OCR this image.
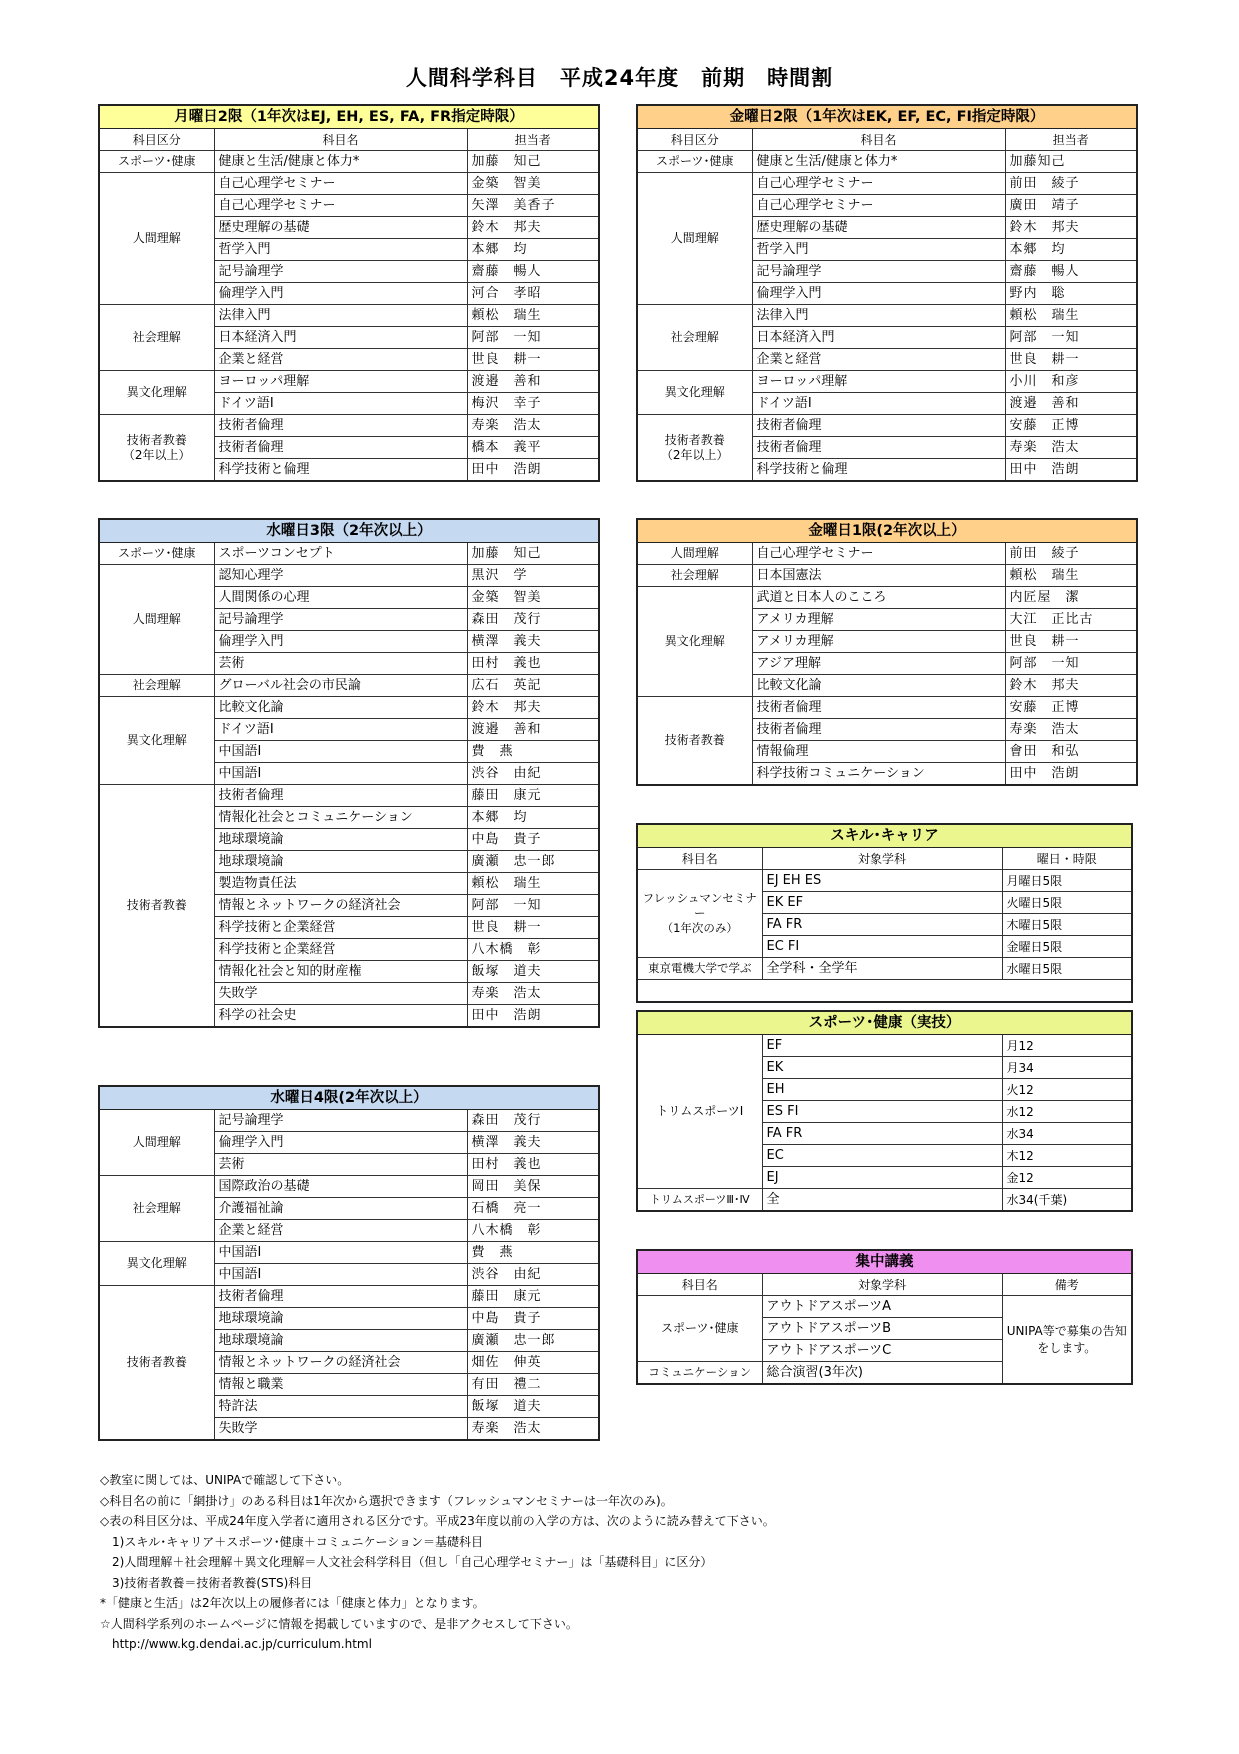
人間科学科目　平成24年度　前期　時間割
月曜日2限（1年次はEJ, EH, ES, FA, FR指定時限）		
科目区分	科目名	担当者
スポーツ･健康	健康と生活/健康と体力*	加藤　知己
人間理解	自己心理学セミナー	金築　智美
	自己心理学セミナー	矢澤　美香子
	歴史理解の基礎	鈴木　邦夫
	哲学入門	本郷　均
	記号論理学	齋藤　暢人
	倫理学入門	河合　孝昭
社会理解	法律入門	頼松　瑞生
	日本経済入門	阿部　一知
	企業と経営	世良　耕一
異文化理解	ヨーロッパ理解	渡邉　善和
	ドイツ語Ⅰ	梅沢　幸子
技術者教養
（2年以上）	技術者倫理	寿楽　浩太
	技術者倫理	橋本　義平
	科学技術と倫理	田中　浩朗
金曜日2限（1年次はEK, EF, EC, FI指定時限）		
科目区分	科目名	担当者
スポーツ･健康	健康と生活/健康と体力*	加藤知己
人間理解	自己心理学セミナー	前田　綾子
	自己心理学セミナー	廣田　靖子
	歴史理解の基礎	鈴木　邦夫
	哲学入門	本郷　均
	記号論理学	齋藤　暢人
	倫理学入門	野内　聡
社会理解	法律入門	頼松　瑞生
	日本経済入門	阿部　一知
	企業と経営	世良　耕一
異文化理解	ヨーロッパ理解	小川　和彦
	ドイツ語Ⅰ	渡邉　善和
技術者教養
（2年以上）	技術者倫理	安藤　正博
	技術者倫理	寿楽　浩太
	科学技術と倫理	田中　浩朗
水曜日3限（2年次以上）		
スポーツ･健康	スポーツコンセプト	加藤　知己
人間理解	認知心理学	黒沢　学
	人間関係の心理	金築　智美
	記号論理学	森田　茂行
	倫理学入門	横澤　義夫
	芸術	田村　義也
社会理解	グローバル社会の市民論	広石　英記
異文化理解	比較文化論	鈴木　邦夫
	ドイツ語Ⅰ	渡邉　善和
	中国語Ⅰ	費　燕
	中国語Ⅰ	渋谷　由紀
技術者教養	技術者倫理	藤田　康元
	情報化社会とコミュニケーション	本郷　均
	地球環境論	中島　貴子
	地球環境論	廣瀬　忠一郎
	製造物責任法	頼松　瑞生
	情報とネットワークの経済社会	阿部　一知
	科学技術と企業経営	世良　耕一
	科学技術と企業経営	八木橋　彰
	情報化社会と知的財産権	飯塚　道夫
	失敗学	寿楽　浩太
	科学の社会史	田中　浩朗
金曜日1限(2年次以上）		
人間理解	自己心理学セミナー	前田　綾子
社会理解	日本国憲法	頼松　瑞生
異文化理解	武道と日本人のこころ	内匠屋　潔
	アメリカ理解	大江　正比古
	アメリカ理解	世良　耕一
	アジア理解	阿部　一知
	比較文化論	鈴木　邦夫
技術者教養	技術者倫理	安藤　正博
	技術者倫理	寿楽　浩太
	情報倫理	會田　和弘
	科学技術コミュニケーション	田中　浩朗
水曜日4限(2年次以上）		
人間理解	記号論理学	森田　茂行
	倫理学入門	横澤　義夫
	芸術	田村　義也
社会理解	国際政治の基礎	岡田　美保
	介護福祉論	石橋　亮一
	企業と経営	八木橋　彰
異文化理解	中国語Ⅰ	費　燕
	中国語Ⅰ	渋谷　由紀
技術者教養	技術者倫理	藤田　康元
	地球環境論	中島　貴子
	地球環境論	廣瀬　忠一郎
	情報とネットワークの経済社会	畑佐　伸英
	情報と職業	有田　禮二
	特許法	飯塚　道夫
	失敗学	寿楽　浩太
スキル･キャリア		
科目名	対象学科	曜日・時限
フレッシュマンセミナー
（1年次のみ）	EJ EH ES	月曜日5限
	EK EF	火曜日5限
	FA FR	木曜日5限
	EC FI	金曜日5限
東京電機大学で学ぶ	全学科・全学年	水曜日5限

スポーツ･健康（実技）		
トリムスポーツⅠ	EF	月12
	EK	月34
	EH	火12
	ES FI	水12
	FA FR	水34
	EC	木12
	EJ	金12
トリムスポーツⅢ･Ⅳ	全	水34(千葉)
集中講義		
科目名	対象学科	備考
スポーツ･健康	アウトドアスポーツA	UNIPA等で募集の告知をします。
	アウトドアスポーツB	
	アウトドアスポーツC	
コミュニケーション	総合演習(3年次)	
◇教室に関しては、UNIPAで確認して下さい。
◇科目名の前に「網掛け」のある科目は1年次から選択できます（フレッシュマンセミナーは一年次のみ)。
◇表の科目区分は、平成24年度入学者に適用される区分です。平成23年度以前の入学の方は、次のように読み替えて下さい。
　1)スキル･キャリア＋スポーツ･健康＋コミュニケーション＝基礎科目
　2)人間理解＋社会理解＋異文化理解＝人文社会科学科目（但し「自己心理学セミナー」は「基礎科目」に区分）
　3)技術者教養＝技術者教養(STS)科目
*「健康と生活」は2年次以上の履修者には「健康と体力」となります。
☆人間科学系列のホームページに情報を掲載していますので、是非アクセスして下さい。
　http://www.kg.dendai.ac.jp/curriculum.html
